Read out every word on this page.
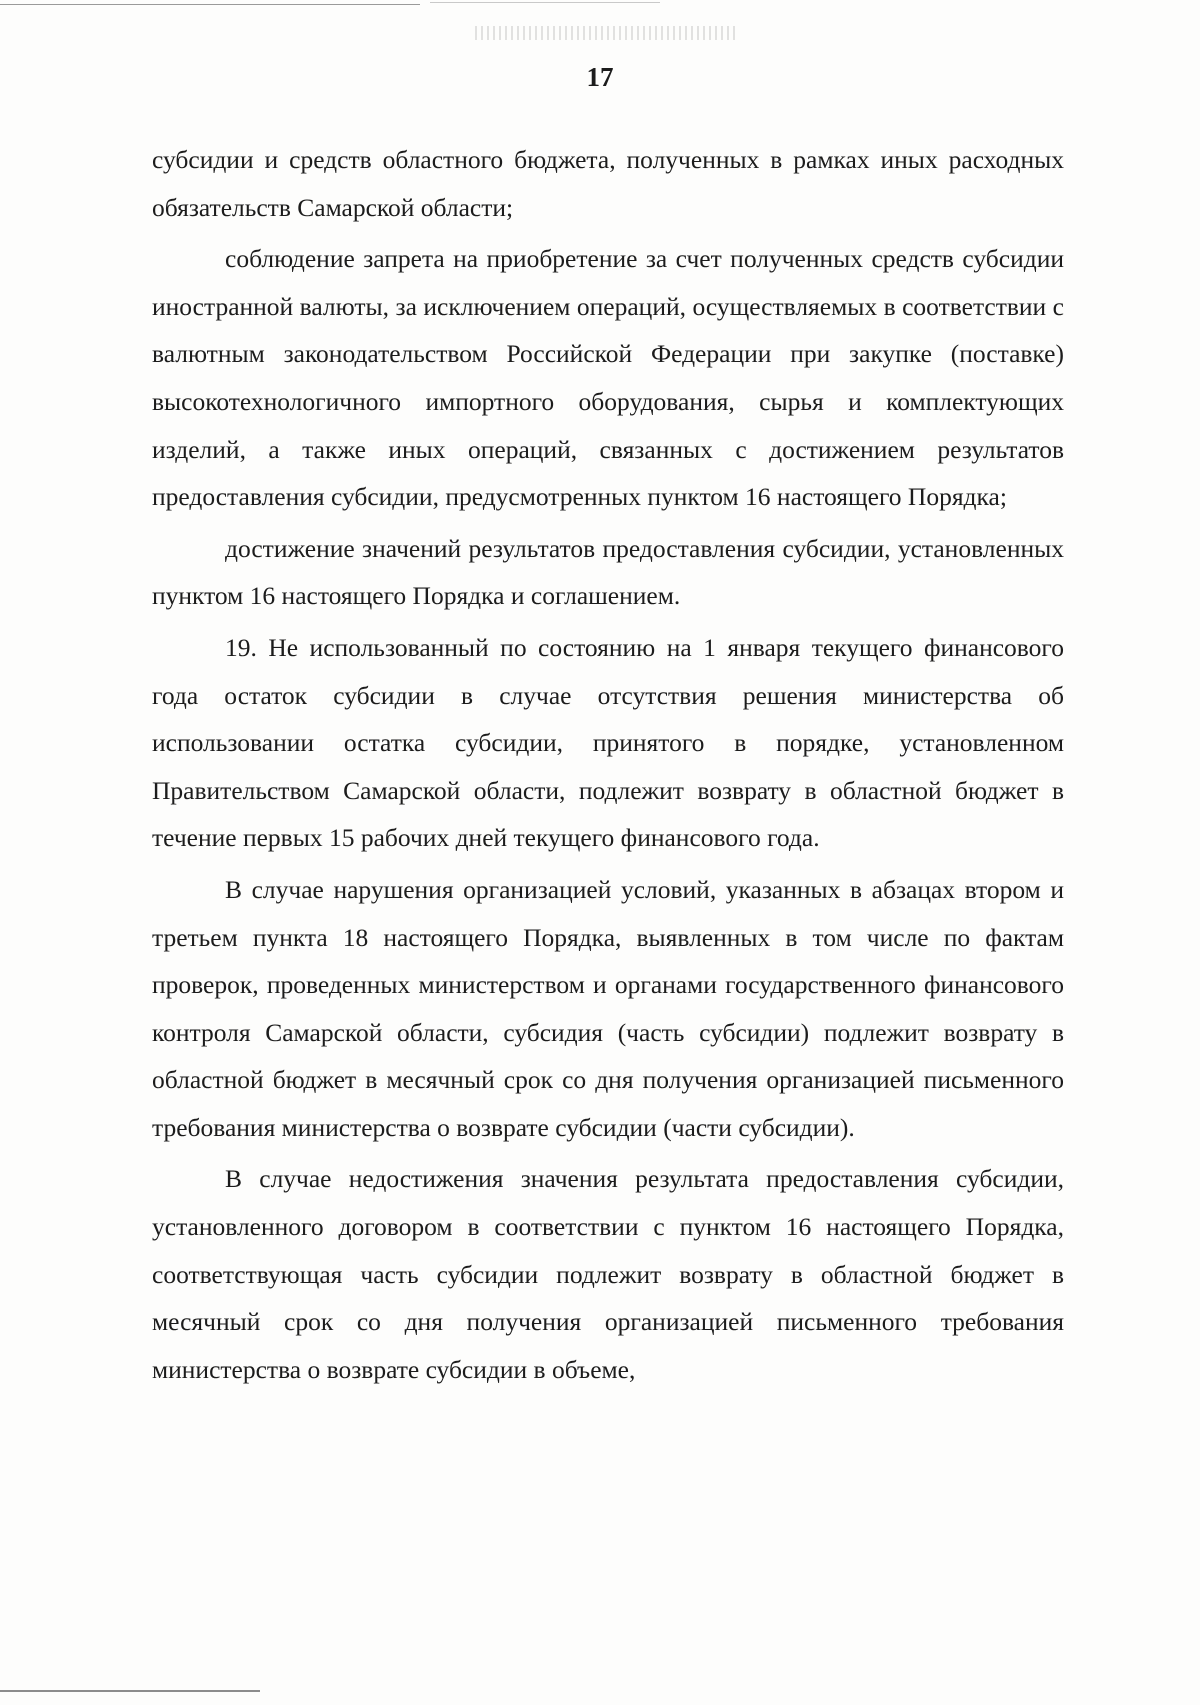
17

субсидии и средств областного бюджета, полученных в рамках иных расходных обязательств Самарской области;

соблюдение запрета на приобретение за счет полученных средств субсидии иностранной валюты, за исключением операций, осуществляемых в соответствии с валютным законодательством Российской Федерации при закупке (поставке) высокотехнологичного импортного оборудования, сырья и комплектующих изделий, а также иных операций, связанных с достижением результатов предоставления субсидии, предусмотренных пунктом 16 настоящего Порядка;

достижение значений результатов предоставления субсидии, установленных пунктом 16 настоящего Порядка и соглашением.

19. Не использованный по состоянию на 1 января текущего финансового года остаток субсидии в случае отсутствия решения министерства об использовании остатка субсидии, принятого в порядке, установленном Правительством Самарской области, подлежит возврату в областной бюджет в течение первых 15 рабочих дней текущего финансового года.

В случае нарушения организацией условий, указанных в абзацах втором и третьем пункта 18 настоящего Порядка, выявленных в том числе по фактам проверок, проведенных министерством и органами государственного финансового контроля Самарской области, субсидия (часть субсидии) подлежит возврату в областной бюджет в месячный срок со дня получения организацией письменного требования министерства о возврате субсидии (части субсидии).

В случае недостижения значения результата предоставления субсидии, установленного договором в соответствии с пунктом 16 настоящего Порядка, соответствующая часть субсидии подлежит возврату в областной бюджет в месячный срок со дня получения организацией письменного требования министерства о возврате субсидии в объеме,
